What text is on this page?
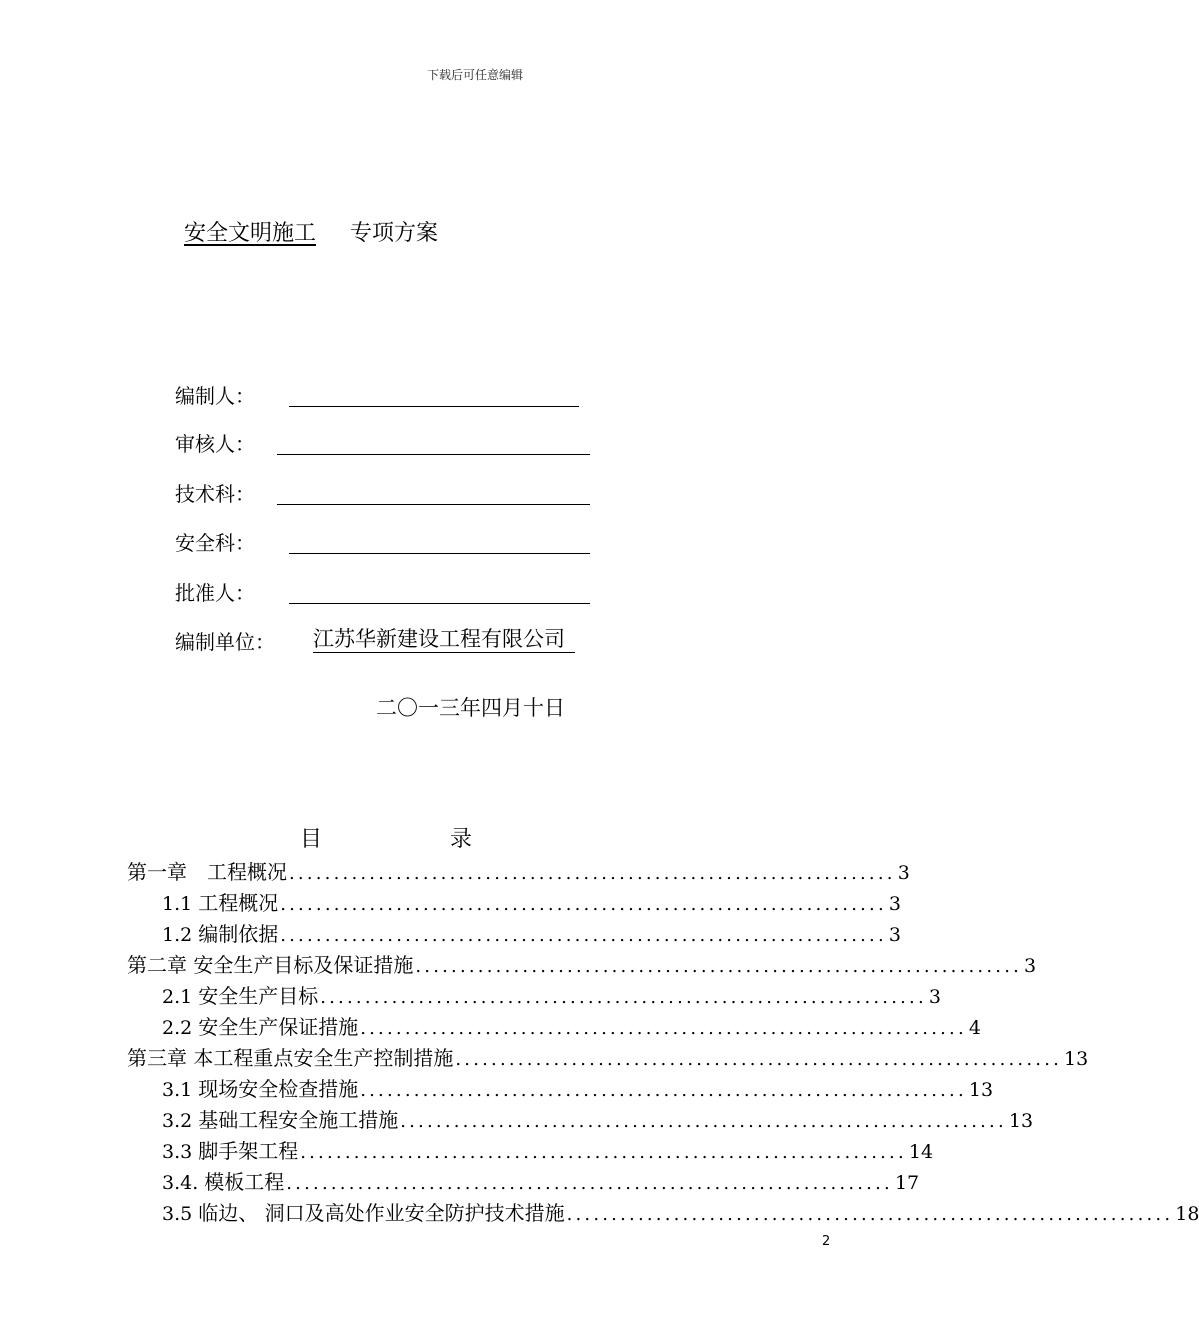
下载后可任意编辑
安全文明施工 专项方案
编制人：
审核人：
技术科：
安全科：
批准人：
编制单位： 江苏华新建设工程有限公司
二〇一三年四月十日
目	录
第一章　工程概况 .................................................................... 3
1.1 工程概况 .................................................................... 3
1.2 编制依据 .................................................................... 3
第二章 安全生产目标及保证措施 .................................................................... 3
2.1 安全生产目标 .................................................................... 3
2.2 安全生产保证措施 .................................................................... 4
第三章 本工程重点安全生产控制措施 .................................................................... 13
3.1 现场安全检查措施 .................................................................... 13
3.2 基础工程安全施工措施 .................................................................... 13
3.3 脚手架工程 .................................................................... 14
3.4. 模板工程 .................................................................... 17
3.5 临边、 洞口及高处作业安全防护技术措施 .................................................................... 18
2
